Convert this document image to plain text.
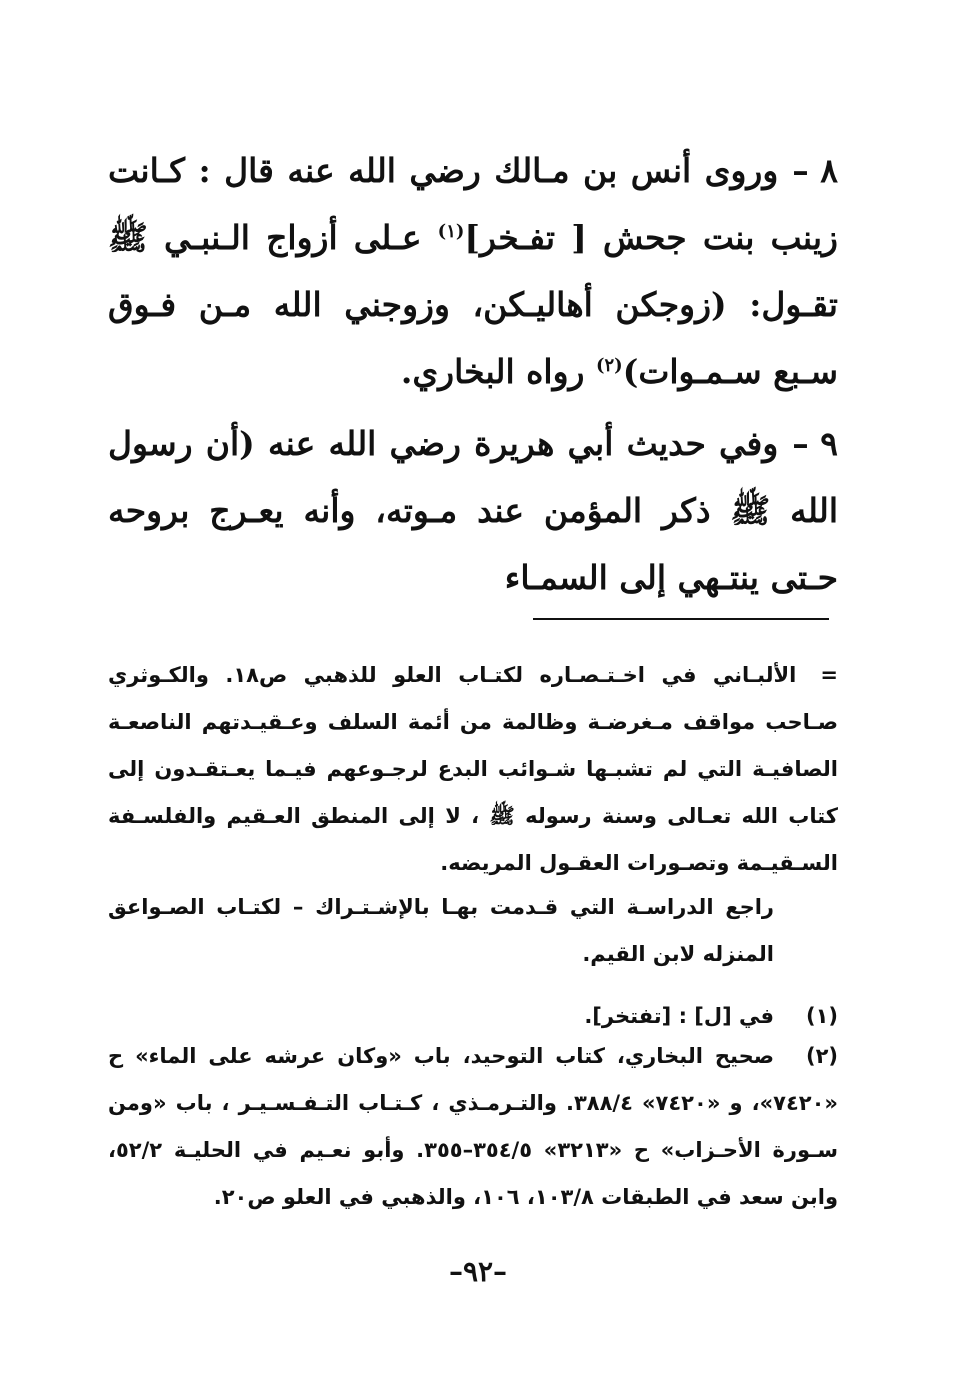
٨ –وروى أنس بن مـالك رضي الله عنه قال : كـانت زينب بنت جحش [ تفـخر]$^{(١)}$ عـلى أزواج الـنبـي ﷺ تقـول: (زوجكن أهاليـكن، وزوجني الله مـن فـوق سـبع سـمـوات)$^{(٢)}$ رواه البخاري.
٩ –وفي حديث أبي هريرة رضي الله عنه (أن رسول الله ﷺ ذكر المؤمن عند مـوته، وأنه يعـرج بروحه حـتى ينتـهي إلى السمـاء
=الألبـاني في اخـتـصـاره لكتـاب العلو للذهبي ص١٨. والكـوثري صـاحب مواقف مـغرضـة وظالمة من أئمة السلف وعـقيـدتهم الناصعـة الصافيـة التي لم تشبـها شـوائب البدع لرجـوعهم فيـما يعـتقـدون إلى كتاب الله تعـالى وسنة رسوله ﷺ ، لا إلى المنطق العـقيم والفلسـفة السـقيـمة وتصـورات العقـول المريضه.
راجع الدراسـة التي قـدمت بهـا بالإشـتـراك – لكتـاب الصـواعق المنزله لابن القيم.
(١)في [ل] : [تفتخر].
(٢)صحيح البخاري، كتاب التوحيد، باب «وكان عرشه على الماء» ح «٧٤٢٠»، و «٧٤٢٠» ٣٨٨/٤. والتـرمـذي ، كـتـاب التـفـسـيـر ، باب «ومن سـورة الأحـزاب» ح «٣٢١٣» ٣٥٤/٥–٣٥٥. وأبو نعـيم في الحليـة ٥٢/٢، وابن سعد في الطبقات ١٠٣/٨، ١٠٦، والذهبي في العلو ص٢٠.
–٩٢–
